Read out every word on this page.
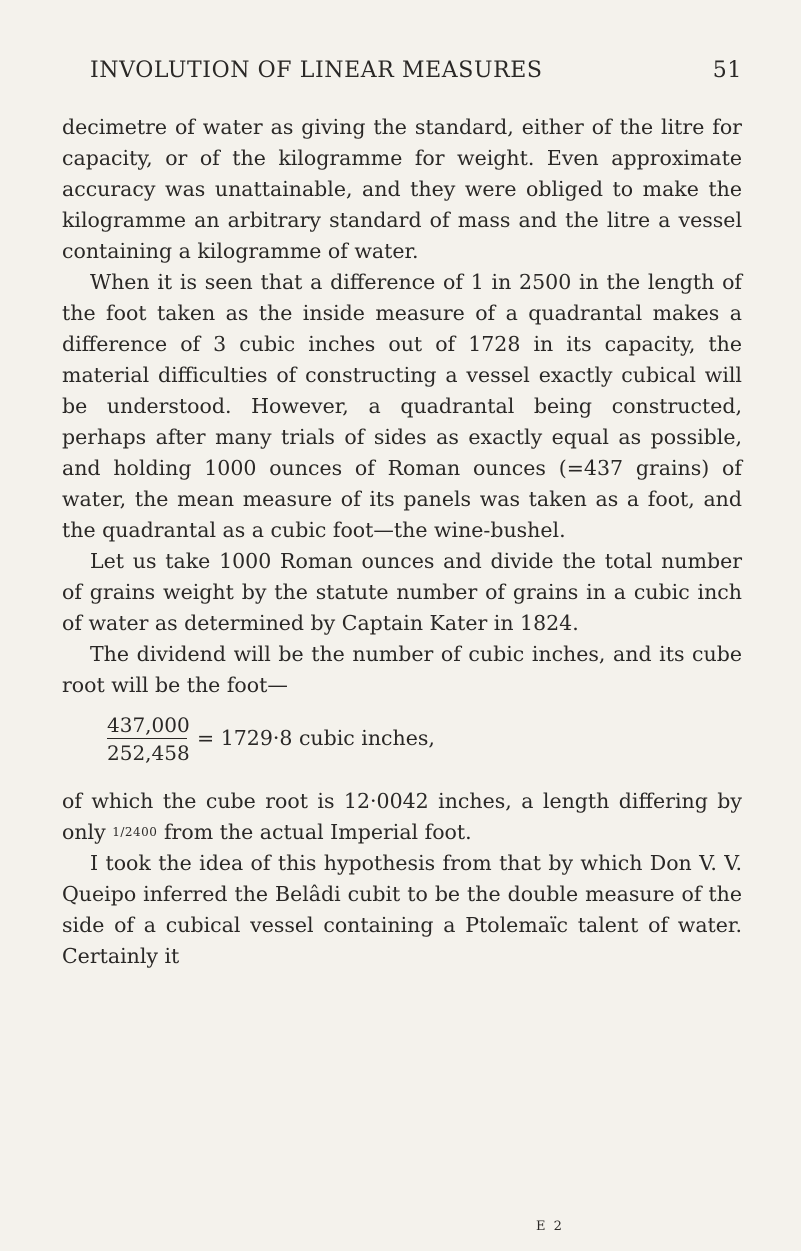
INVOLUTION OF LINEAR MEASURES	51

decimetre of water as giving the standard, either of the litre for capacity, or of the kilogramme for weight. Even approximate accuracy was unattainable, and they were obliged to make the kilogramme an arbitrary standard of mass and the litre a vessel containing a kilogramme of water.

When it is seen that a difference of 1 in 2500 in the length of the foot taken as the inside measure of a quadrantal makes a difference of 3 cubic inches out of 1728 in its capacity, the material difficulties of constructing a vessel exactly cubical will be understood. However, a quadrantal being constructed, perhaps after many trials of sides as exactly equal as possible, and holding 1000 ounces of Roman ounces (=437 grains) of water, the mean measure of its panels was taken as a foot, and the quadrantal as a cubic foot—the wine-bushel.

Let us take 1000 Roman ounces and divide the total number of grains weight by the statute number of grains in a cubic inch of water as determined by Captain Kater in 1824.

The dividend will be the number of cubic inches, and its cube root will be the foot—

$\frac{437,000}{252,458} = 1729\cdot 8$ cubic inches,

of which the cube root is 12·0042 inches, a length differing by only 1/2400 from the actual Imperial foot.

I took the idea of this hypothesis from that by which Don V. V. Queipo inferred the Belâdi cubit to be the double measure of the side of a cubical vessel containing a Ptolemaïc talent of water. Certainly it

E 2
